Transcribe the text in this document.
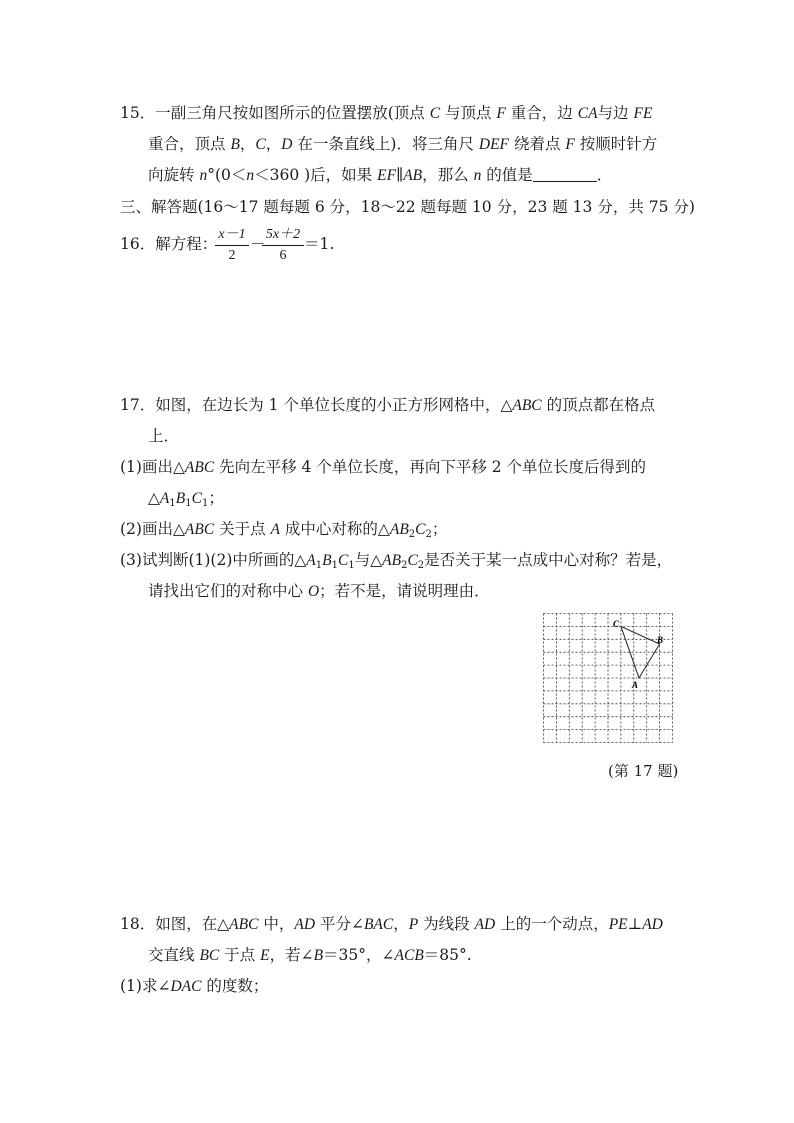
15．一副三角尺按如图所示的位置摆放(顶点 C 与顶点 F 重合，边 CA与边 FE
重合，顶点 B，C，D 在一条直线上)．将三角尺 DEF 绕着点 F 按顺时针方
向旋转 n°(0＜n＜360 )后，如果 EF∥AB，那么 n 的值是	．
三、解答题(16～17 题每题 6 分，18～22 题每题 10 分，23 题 13 分，共 75 分)
16．解方程：
x－1
2
－
5x＋2
6
＝1.
17．如图，在边长为 1 个单位长度的小正方形网格中，△ABC 的顶点都在格点
上．
(1)画出△ABC 先向左平移 4 个单位长度，再向下平移 2 个单位长度后得到的
$\triangle A_1B_1C_1$；
(2)画出△ABC 关于点 A 成中心对称的$\triangle AB_2C_2$；
(3)试判断(1)(2)中所画的$\triangle A_1B_1C_1$与$\triangle AB_2C_2$是否关于某一点成中心对称？若是，
请找出它们的对称中心 O；若不是，请说明理由．
C
B
A
(第 17 题)
18．如图，在△ABC 中，AD 平分∠BAC，P 为线段 AD 上的一个动点，PE⊥AD
交直线 BC 于点 E，若∠B＝35°，∠ACB＝85°.
(1)求∠DAC 的度数；
